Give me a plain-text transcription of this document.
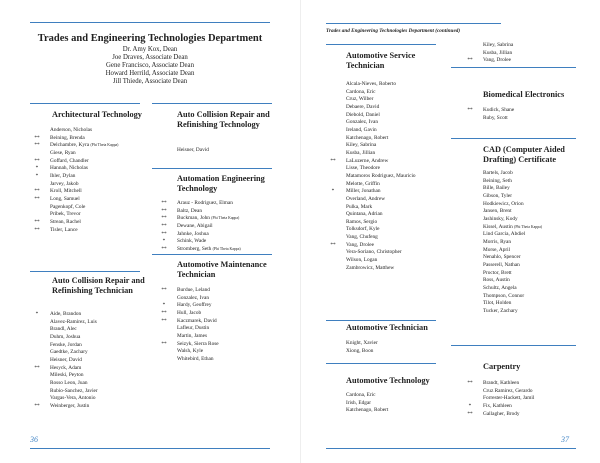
Trades and Engineering Technologies Department
Dr. Amy Kox, Dean
Joe Draves, Associate Dean
Gene Francisco, Associate Dean
Howard Herrild, Associate Dean
Jill Thiede, Associate Dean
Architectural Technology
Anderson, Nicholas
**	Beining, Brenda
**	Delchambre, Kyra (Phi Theta Kappa)
Giese, Ryan
**	Goffard, Chandler
*	Hannah, Nicholas
*	Ihler, Dylan
Jarvey, Jakob
**	Kroll, Mitchell
**	Long, Samuel
Pagenkopf, Cole
Pribek, Trevor
**	Strean, Rachel
**	Tisler, Lance
Auto Collision Repair and Refinishing Technician
*	Aide, Brandon
Alavez-Ramirez, Luis
Brandl, Alec
Duhm, Joshua
Fenske, Jordan
Gaedtke, Zachary
Heisner, David
**	Hesyck, Adam
Mileski, Peyton
Rosso Leon, Juan
Rubio-Sanchez, Javier
Vargas-Vera, Antonio
**	Weinberger, Justin
Auto Collision Repair and Refinishing Technology
Heisner, David
Automation Engineering Technology
**	Arauz - Rodriguez, Elman
**	Baltz, Dean
**	Buckman, John (Phi Theta Kappa)
**	Dewane, Abigail
**	Jahnke, Joshua
*	Schink, Wade
**	Stromberg, Seth (Phi Theta Kappa)
Automotive Maintenance Technician
**	Burdue, Leland
Gonzalez, Ivan
*	Hardy, Geoffrey
**	Hull, Jacob
**	Kaczmarek, David
Lafleur, Dustin
Martin, James
**	Seizyk, Sierra Rose
Walsh, Kyle
Whitebird, Ethan
36
Trades and Engineering Technologies Department (continued)
Automotive Service Technician
Alcala-Nieves, Roberto
Cardona, Eric
Cruz, Wilber
Debaere, David
Diebold, Daniel
Gonzalez, Ivan
Ireland, Gavin
Katchenago, Robert
Kiley, Sabrina
Kusba, Jillian
**	LaLuzerne, Andrew
Lisse, Theodore
Matamoros Rodriguez, Mauricio
Melotte, Griffin
*	Miller, Jonathan
Overland, Andrew
Pulka, Mark
Quintana, Adrian
Ramos, Sergio
Tolksdorf, Kyle
Vang, Chufeng
**	Vang, Drolee
Vera-Soriano, Christopher
Wilson, Logan
Zambrowicz, Matthew
Automotive Technician
Knight, Xavier
Xiong, Boon
Automotive Technology
Cardona, Eric
Irish, Edgar
Katchenago, Robert
Kiley, Sabrina
Kusba, Jillian
**	Vang, Drolee
Biomedical Electronics
**	Kudick, Shane
Ruby, Scott
CAD (Computer Aided Drafting) Certificate
Bartels, Jacob
Beining, Seth
Bille, Bailey
Gibson, Tyler
Hodkiewicz, Orion
Jansen, Brent
Jashinsky, Kody
Kissel, Austin (Phi Theta Kappa)
Lind Garcia, Abdiel
Morris, Ryan
Morse, April
Nenahlo, Spencer
Passerell, Nathan
Proctor, Brett
Ross, Austin
Schultz, Angela
Thompson, Connor
Tilot, Holden
Tucker, Zachary
Carpentry
**	Brandt, Kathleen
Cruz Ramirez, Gerardo
Forrester-Hackett, Jamil
*	Fix, Kathleen
**	Gallagher, Brody
37
